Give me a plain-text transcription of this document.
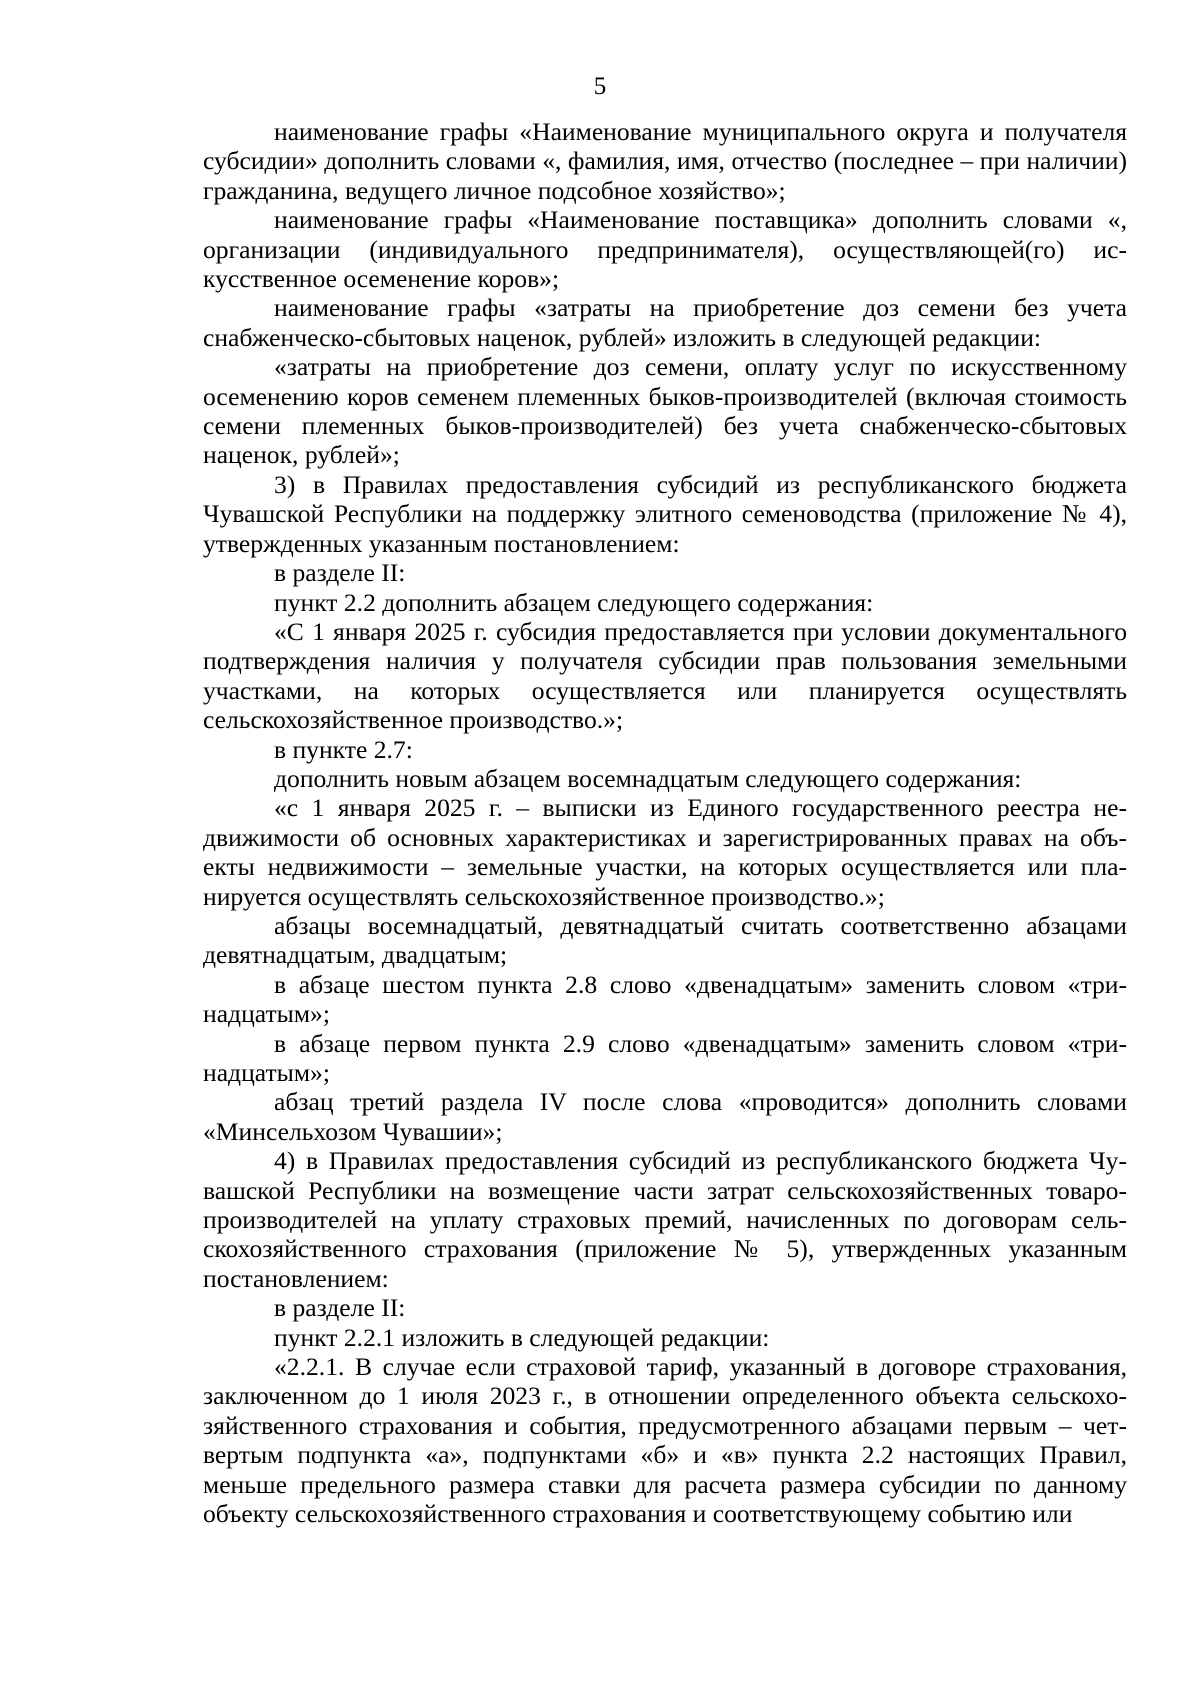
5

наименование графы «Наименование муниципального округа и получателя субсидии» дополнить словами «, фамилия, имя, отчество (последнее – при наличии) гражданина, ведущего личное подсобное хозяйство»;

наименование графы «Наименование поставщика» дополнить словами «, организации (индивидуального предпринимателя), осуществляющей(го) искусственное осеменение коров»;

наименование графы «затраты на приобретение доз семени без учета снабженческо-сбытовых наценок, рублей» изложить в следующей редакции:

«затраты на приобретение доз семени, оплату услуг по искусственному осеменению коров семенем племенных быков-производителей (включая стоимость семени племенных быков-производителей) без учета снабженческо-сбытовых наценок, рублей»;

3) в Правилах предоставления субсидий из республиканского бюджета Чувашской Республики на поддержку элитного семеноводства (приложение № 4), утвержденных указанным постановлением:

в разделе II:

пункт 2.2 дополнить абзацем следующего содержания:

«С 1 января 2025 г. субсидия предоставляется при условии документального подтверждения наличия у получателя субсидии прав пользования земельными участками, на которых осуществляется или планируется осуществлять сельскохозяйственное производство.»;

в пункте 2.7:

дополнить новым абзацем восемнадцатым следующего содержания:

«с 1 января 2025 г. – выписки из Единого государственного реестра недвижимости об основных характеристиках и зарегистрированных правах на объекты недвижимости – земельные участки, на которых осуществляется или планируется осуществлять сельскохозяйственное производство.»;

абзацы восемнадцатый, девятнадцатый считать соответственно абзацами девятнадцатым, двадцатым;

в абзаце шестом пункта 2.8 слово «двенадцатым» заменить словом «тринадцатым»;

в абзаце первом пункта 2.9 слово «двенадцатым» заменить словом «тринадцатым»;

абзац третий раздела IV после слова «проводится» дополнить словами «Минсельхозом Чувашии»;

4) в Правилах предоставления субсидий из республиканского бюджета Чувашской Республики на возмещение части затрат сельскохозяйственных товаропроизводителей на уплату страховых премий, начисленных по договорам сельскохозяйственного страхования (приложение № 5), утвержденных указанным постановлением:

в разделе II:

пункт 2.2.1 изложить в следующей редакции:

«2.2.1. В случае если страховой тариф, указанный в договоре страхования, заключенном до 1 июля 2023 г., в отношении определенного объекта сельскохозяйственного страхования и события, предусмотренного абзацами первым – четвертым подпункта «а», подпунктами «б» и «в» пункта 2.2 настоящих Правил, меньше предельного размера ставки для расчета размера субсидии по данному объекту сельскохозяйственного страхования и соответствующему событию или
